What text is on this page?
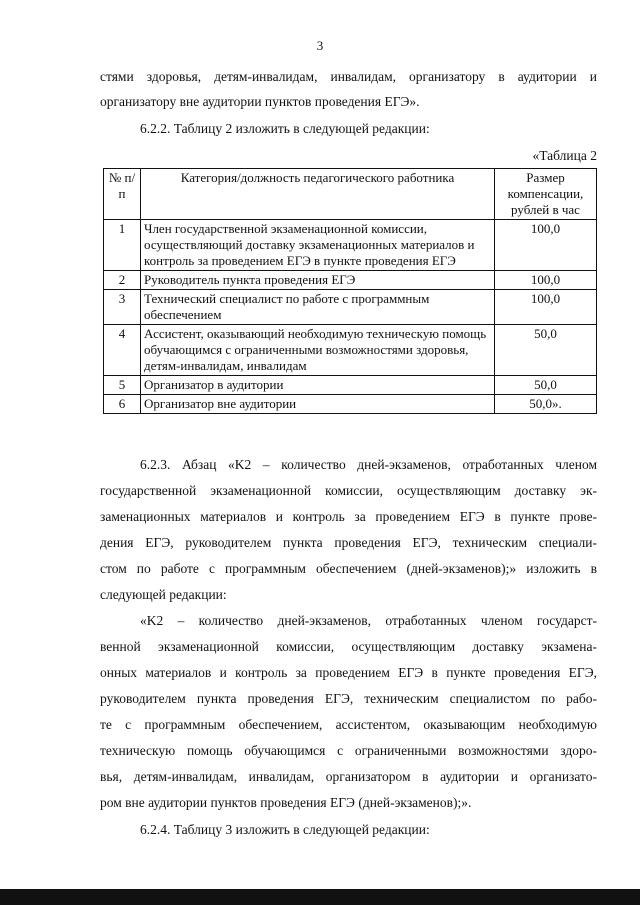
3
стями здоровья, детям-инвалидам, инвалидам, организатору в аудитории и
организатору вне аудитории пунктов проведения ЕГЭ».
6.2.2. Таблицу 2 изложить в следующей редакции:
«Таблица 2
№ п/п	Категория/должность педагогического работника	Размер компенсации, рублей в час
1	Член государственной экзаменационной комиссии, осуществляющий доставку экзаменационных материалов и контроль за проведением ЕГЭ в пункте проведения ЕГЭ	100,0
2	Руководитель пункта проведения ЕГЭ	100,0
3	Технический специалист по работе с программным обеспечением	100,0
4	Ассистент, оказывающий необходимую техническую помощь обучающимся с ограниченными возможностями здоровья, детям-инвалидам, инвалидам	50,0
5	Организатор в аудитории	50,0
6	Организатор вне аудитории	50,0».
6.2.3. Абзац «K2 – количество дней-экзаменов, отработанных членом
государственной экзаменационной комиссии, осуществляющим доставку эк-
заменационных материалов и контроль за проведением ЕГЭ в пункте прове-
дения ЕГЭ, руководителем пункта проведения ЕГЭ, техническим специали-
стом по работе с программным обеспечением (дней-экзаменов);» изложить в
следующей редакции:
«K2 – количество дней-экзаменов, отработанных членом государст-
венной экзаменационной комиссии, осуществляющим доставку экзамена-
онных материалов и контроль за проведением ЕГЭ в пункте проведения ЕГЭ,
руководителем пункта проведения ЕГЭ, техническим специалистом по рабо-
те с программным обеспечением, ассистентом, оказывающим необходимую
техническую помощь обучающимся с ограниченными возможностями здоро-
вья, детям-инвалидам, инвалидам, организатором в аудитории и организато-
ром вне аудитории пунктов проведения ЕГЭ (дней-экзаменов);».
6.2.4. Таблицу 3 изложить в следующей редакции:
